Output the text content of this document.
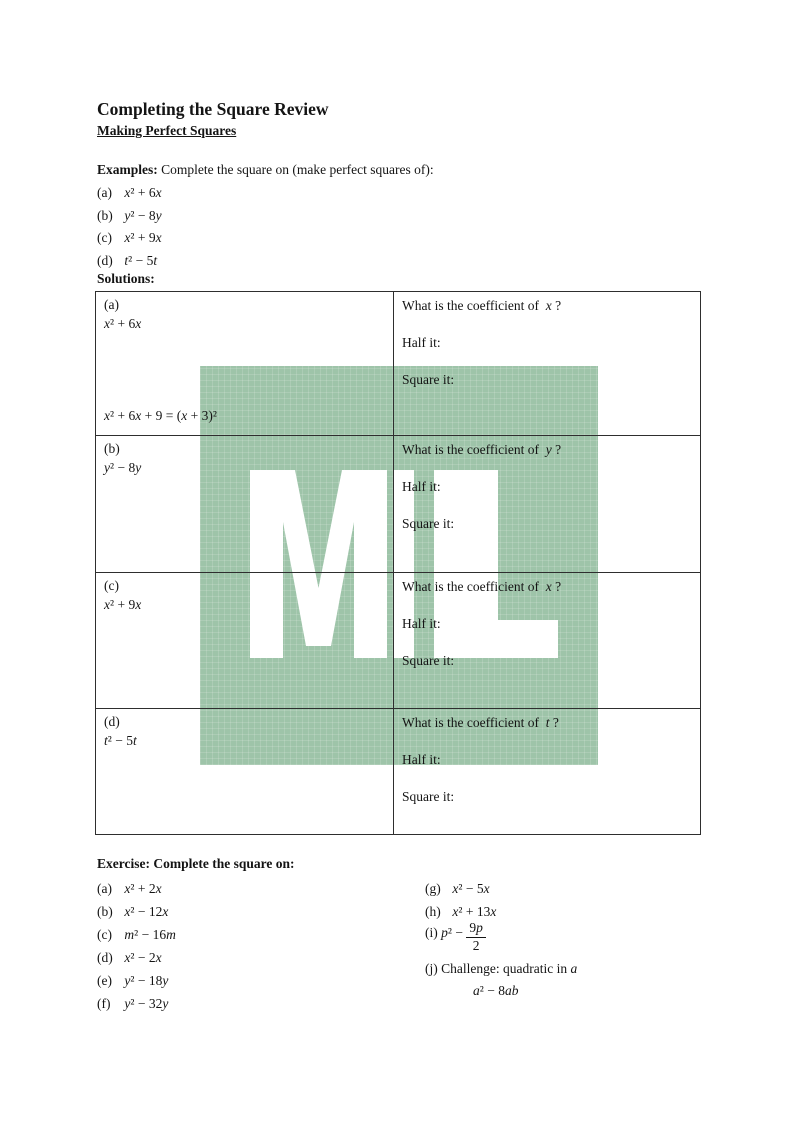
Completing the Square Review
Making Perfect Squares
Examples: Complete the square on (make perfect squares of):
(a) x² + 6x
(b) y² − 8y
(c) x² + 9x
(d) t² − 5t
Solutions:
(a)
x² + 6x
x² + 6x + 9 = (x + 3)²
What is the coefficient of x ?
Half it:
Square it:
(b)
y² − 8y
What is the coefficient of y ?
Half it:
Square it:
(c)
x² + 9x
What is the coefficient of x ?
Half it:
Square it:
(d)
t² − 5t
What is the coefficient of t ?
Half it:
Square it:
Exercise: Complete the square on:
(a) x² + 2x
(b) x² − 12x
(c) m² − 16m
(d) x² − 2x
(e) y² − 18y
(f) y² − 32y
(g) x² − 5x
(h) x² + 13x
(i) $p^2 - \frac{9p}{2}$
(j) Challenge: quadratic in a
a² − 8ab
